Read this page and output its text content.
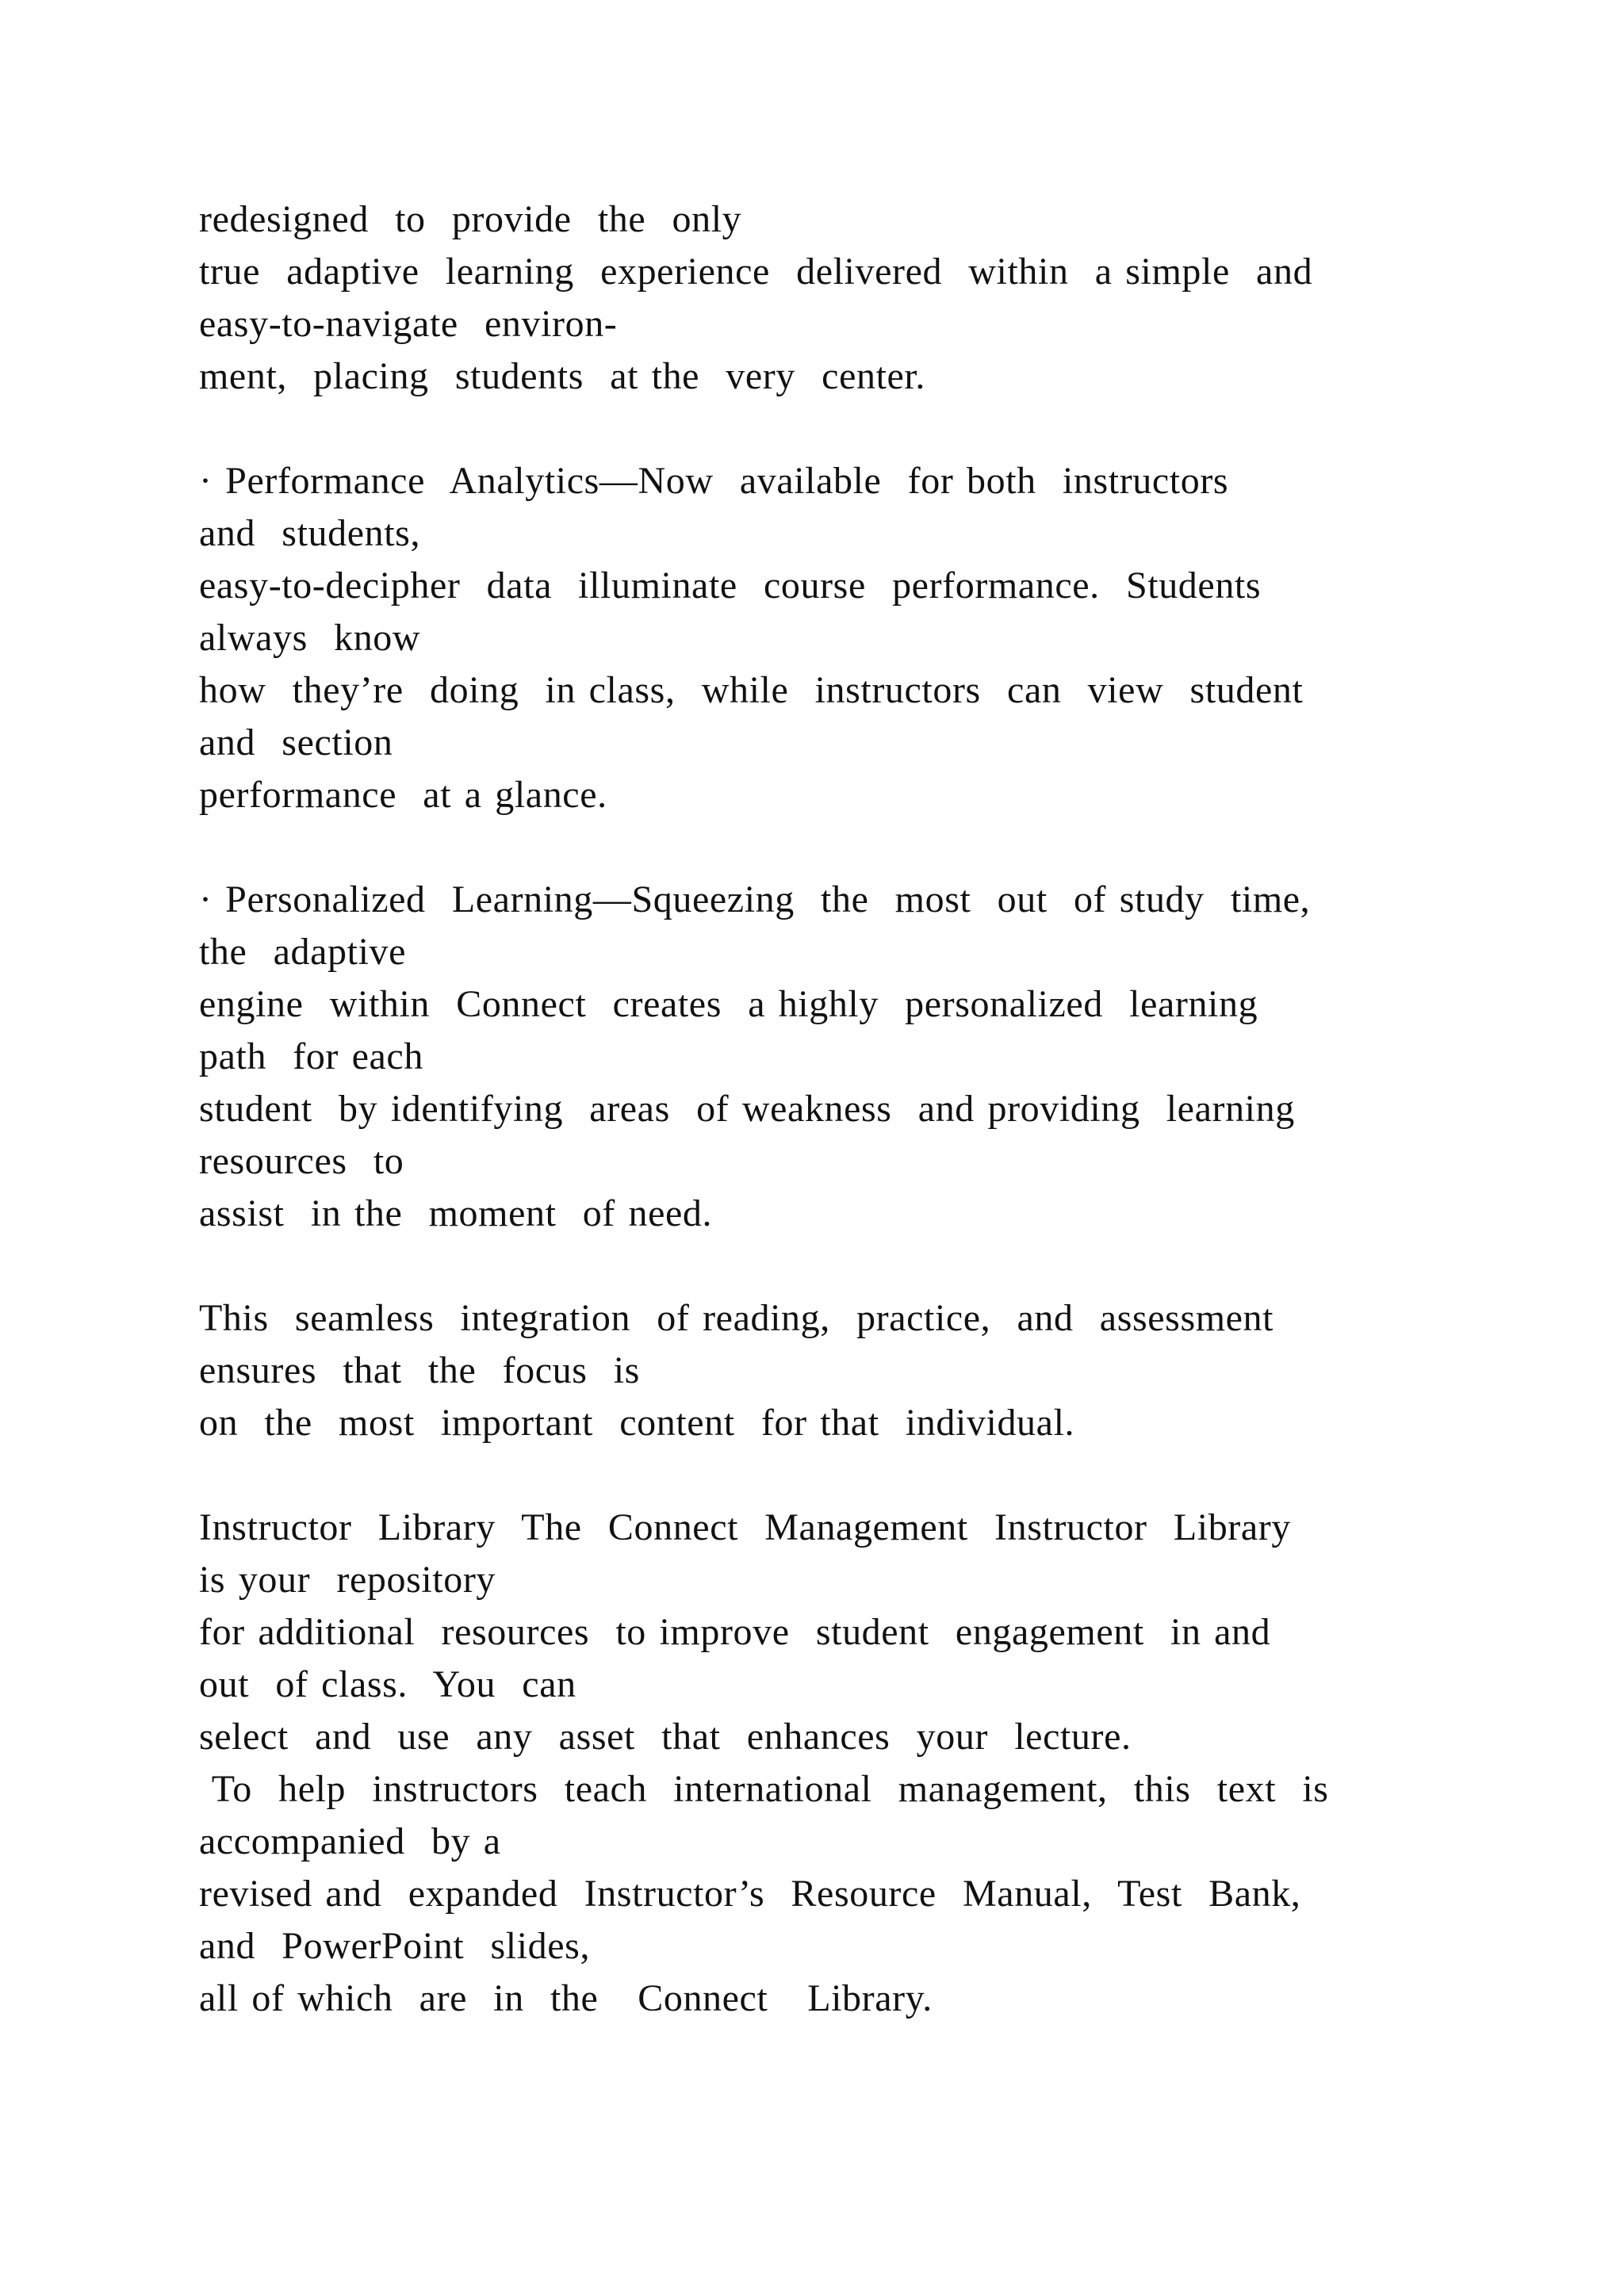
redesigned  to  provide  the  only
true  adaptive  learning  experience  delivered  within  a simple  and
easy-to-navigate  environ-
ment,  placing  students  at the  very  center.
· Performance  Analytics—Now  available  for both  instructors
and  students,
easy-to-decipher  data  illuminate  course  performance.  Students
always  know
how  they’re  doing  in class,  while  instructors  can  view  student
and  section
performance  at a glance.
· Personalized  Learning—Squeezing  the  most  out  of study  time,
the  adaptive
engine  within  Connect  creates  a highly  personalized  learning
path  for each
student  by identifying  areas  of weakness  and providing  learning
resources  to
assist  in the  moment  of need.
This  seamless  integration  of reading,  practice,  and  assessment
ensures  that  the  focus  is
on  the  most  important  content  for that  individual.
Instructor  Library  The  Connect  Management  Instructor  Library
is your  repository
for additional  resources  to improve  student  engagement  in and
out  of class.  You  can
select  and  use  any  asset  that  enhances  your  lecture.
To  help  instructors  teach  international  management,  this  text  is
accompanied  by a
revised and  expanded  Instructor’s  Resource  Manual,  Test  Bank,
and  PowerPoint  slides,
all of which  are  in  the   Connect   Library.
